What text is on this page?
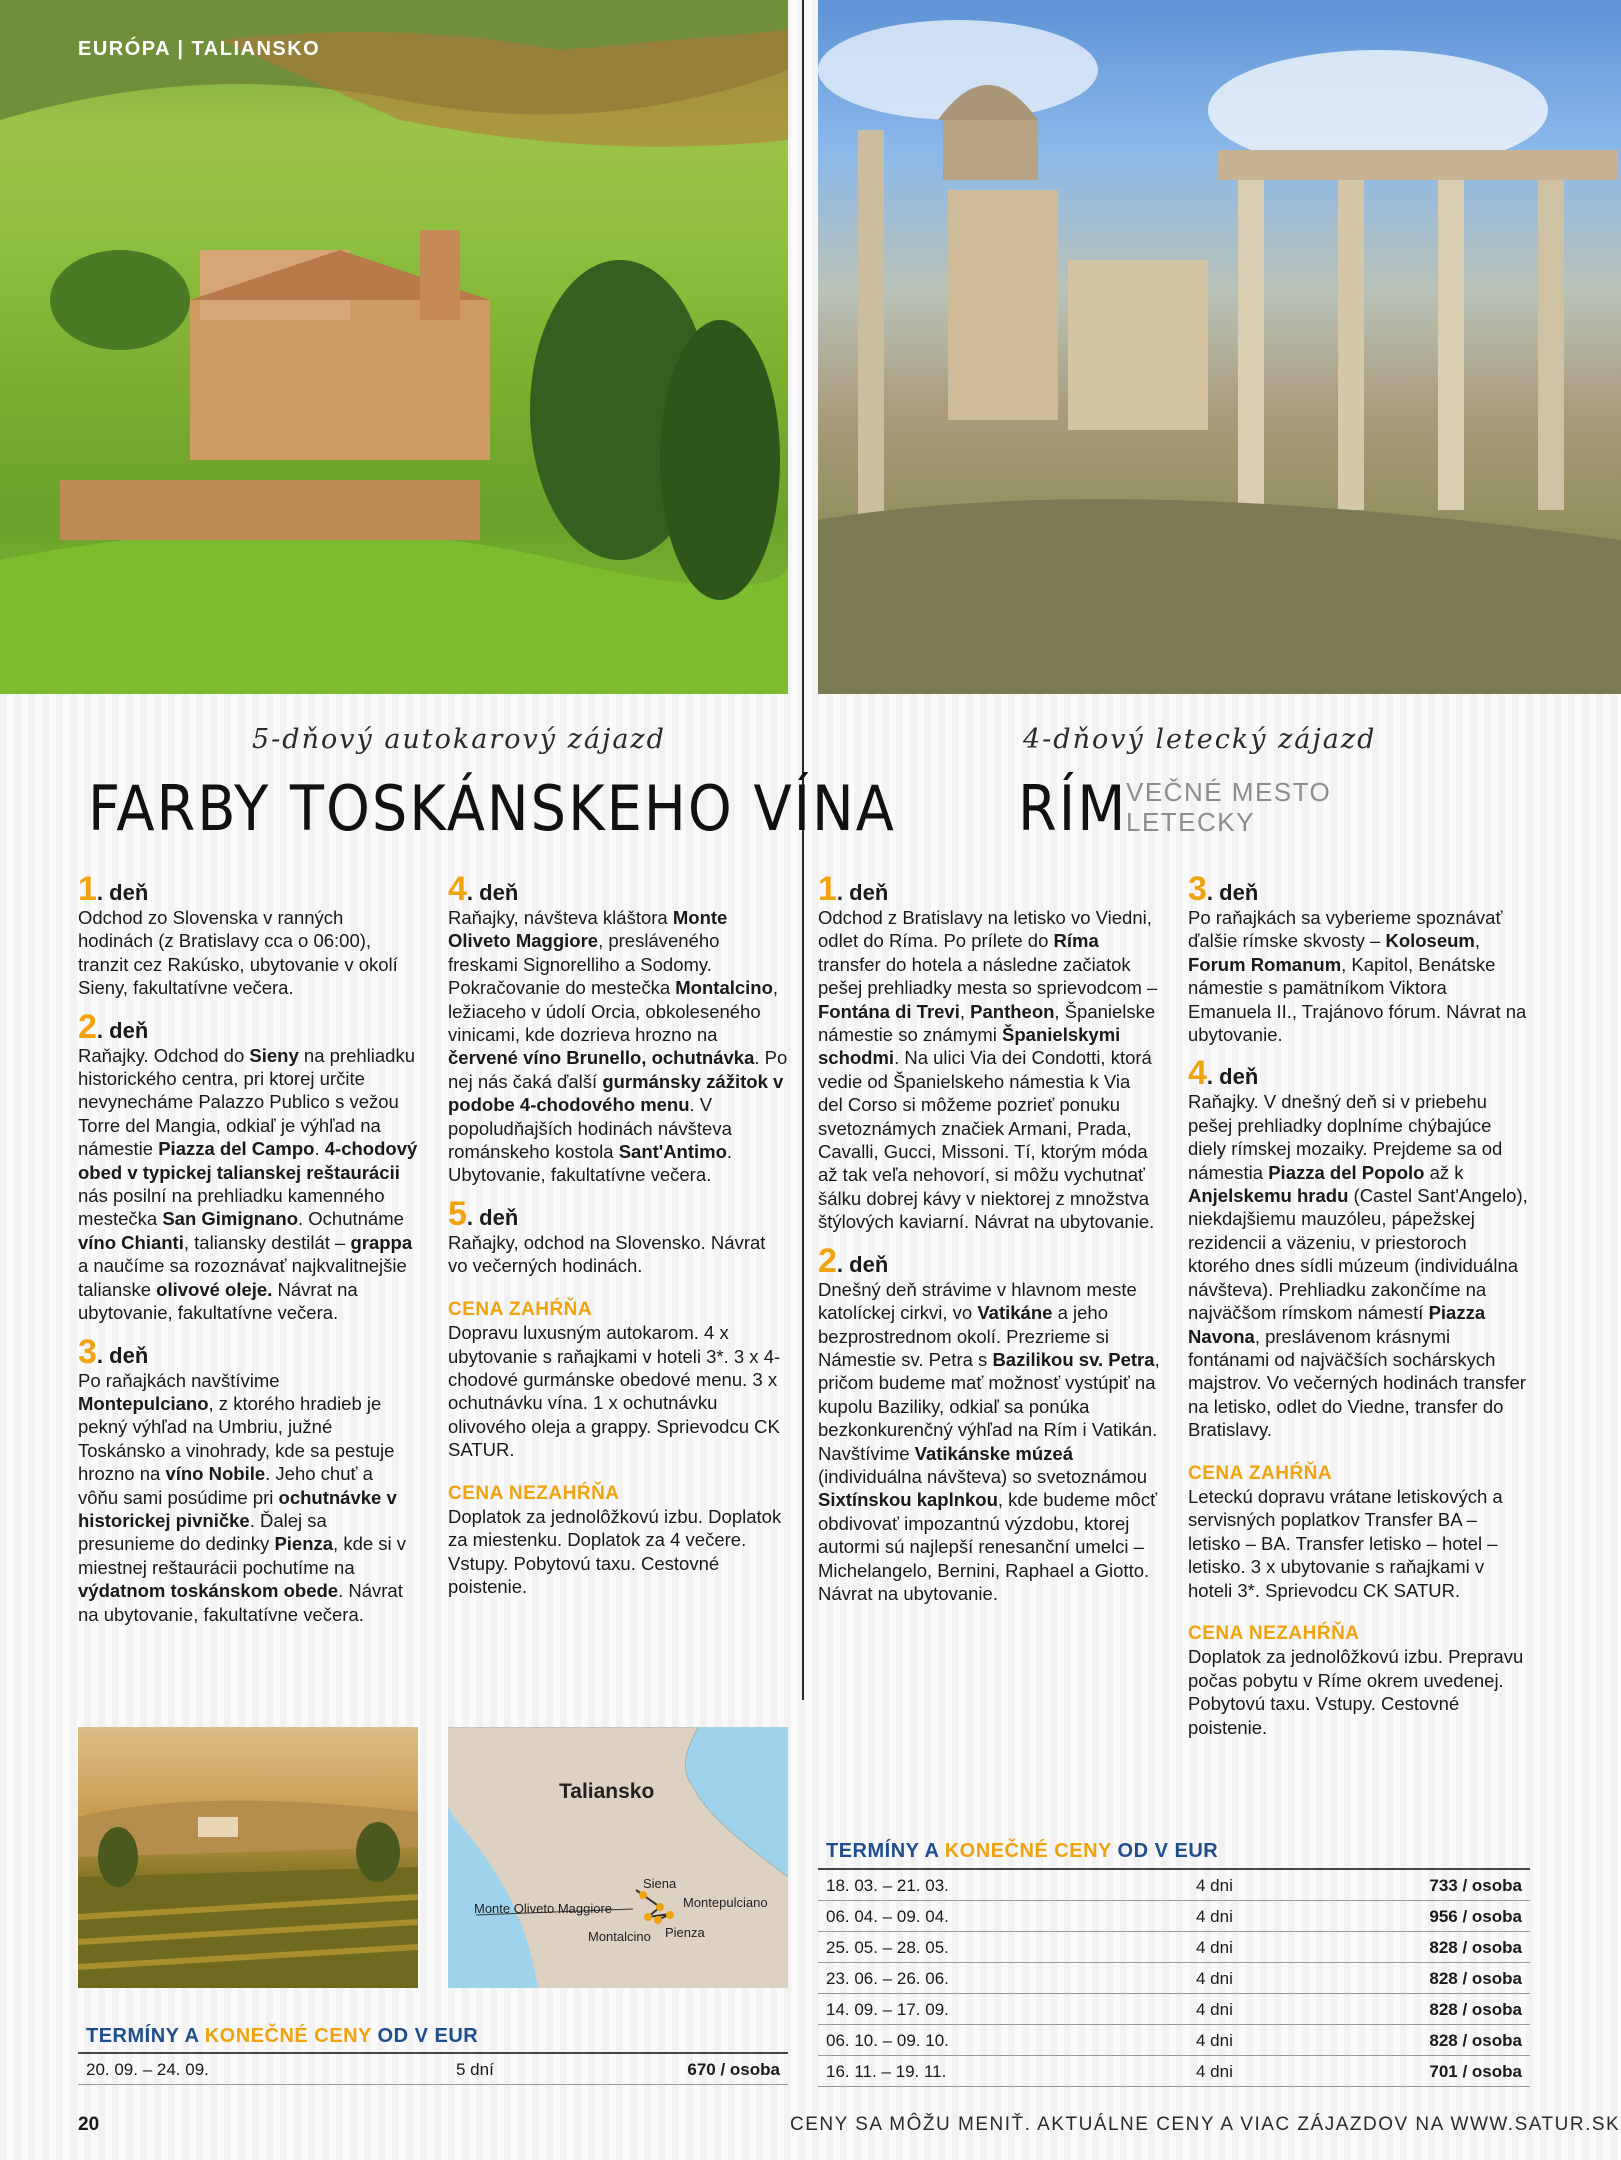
EURÓPA | TALIANSKO
5-dňový autokarový zájazd
FARBY TOSKÁNSKEHO VÍNA
1. deň

Odchod zo Slovenska v ranných hodinách (z Bratislavy cca o 06:00), tranzit cez Rakúsko, ubytovanie v okolí Sieny, fakultatívne večera.

2. deň

Raňajky. Odchod do Sieny na prehliadku historického centra, pri ktorej určite nevynecháme Palazzo Publico s vežou Torre del Mangia, odkiaľ je výhľad na námestie Piazza del Campo. 4-chodový obed v typickej talianskej reštaurácii nás posilní na prehliadku kamenného mestečka San Gimignano. Ochutnáme víno Chianti, taliansky destilát – grappa a naučíme sa rozoznávať najkvalitnejšie talianske olivové oleje. Návrat na ubytovanie, fakultatívne večera.

3. deň

Po raňajkách navštívime Montepulciano, z ktorého hradieb je pekný výhľad na Umbriu, južné Toskánsko a vinohrady, kde sa pestuje hrozno na víno Nobile. Jeho chuť a vôňu sami posúdime pri ochutnávke v historickej pivničke. Ďalej sa presunieme do dedinky Pienza, kde si v miestnej reštaurácii pochutíme na výdatnom toskánskom obede. Návrat na ubytovanie, fakultatívne večera.

4. deň

Raňajky, návšteva kláštora Monte Oliveto Maggiore, presláveného freskami Signorelliho a Sodomy. Pokračovanie do mestečka Montalcino, ležiaceho v údolí Orcia, obkoleseného vinicami, kde dozrieva hrozno na červené víno Brunello, ochutnávka. Po nej nás čaká ďalší gurmánsky zážitok v podobe 4-chodového menu. V popoludňajších hodinách návšteva románskeho kostola Sant'Antimo. Ubytovanie, fakultatívne večera.

5. deň

Raňajky, odchod na Slovensko. Návrat vo večerných hodinách.

CENA ZAHŔŇA

Dopravu luxusným autokarom. 4 x ubytovanie s raňajkami v hoteli 3*. 3 x 4-chodové gurmánske obedové menu. 3 x ochutnávku vína. 1 x ochutnávku olivového oleja a grappy. Sprievodcu CK SATUR.

CENA NEZAHŔŇA

Doplatok za jednolôžkovú izbu. Doplatok za miestenku. Doplatok za 4 večere. Vstupy. Pobytovú taxu. Cestovné poistenie.

Taliansko
Siena
Montepulciano
Monte Oliveto Maggiore
Montalcino Pienza
TERMÍNY A KONEČNÉ CENY OD V EUR
20. 09. – 24. 09.	5 dní	670 / osoba
4-dňový letecký zájazd
RÍM
VEČNÉ MESTO
LETECKY
1. deň

Odchod z Bratislavy na letisko vo Viedni, odlet do Ríma. Po prílete do Ríma transfer do hotela a následne začiatok pešej prehliadky mesta so sprievodcom – Fontána di Trevi, Pantheon, Španielske námestie so známymi Španielskymi schodmi. Na ulici Via dei Condotti, ktorá vedie od Španielskeho námestia k Via del Corso si môžeme pozrieť ponuku svetoznámych značiek Armani, Prada, Cavalli, Gucci, Missoni. Tí, ktorým móda až tak veľa nehovorí, si môžu vychutnať šálku dobrej kávy v niektorej z množstva štýlových kaviarní. Návrat na ubytovanie.

2. deň

Dnešný deň strávime v hlavnom meste katolíckej cirkvi, vo Vatikáne a jeho bezprostrednom okolí. Prezrieme si Námestie sv. Petra s Bazilikou sv. Petra, pričom budeme mať možnosť vystúpiť na kupolu Baziliky, odkiaľ sa ponúka bezkonkurenčný výhľad na Rím i Vatikán. Navštívime Vatikánske múzeá (individuálna návšteva) so svetoznámou Sixtínskou kaplnkou, kde budeme môcť obdivovať impozantnú výzdobu, ktorej autormi sú najlepší renesanční umelci – Michelangelo, Bernini, Raphael a Giotto. Návrat na ubytovanie.

3. deň

Po raňajkách sa vyberieme spoznávať ďalšie rímske skvosty – Koloseum, Forum Romanum, Kapitol, Benátske námestie s pamätníkom Viktora Emanuela II., Trajánovo fórum. Návrat na ubytovanie.

4. deň

Raňajky. V dnešný deň si v priebehu pešej prehliadky doplníme chýbajúce diely rímskej mozaiky. Prejdeme sa od námestia Piazza del Popolo až k Anjelskemu hradu (Castel Sant'Angelo), niekdajšiemu mauzóleu, pápežskej rezidencii a väzeniu, v priestoroch ktorého dnes sídli múzeum (individuálna návšteva). Prehliadku zakončíme na najväčšom rímskom námestí Piazza Navona, preslávenom krásnymi fontánami od najväčších sochárskych majstrov. Vo večerných hodinách transfer na letisko, odlet do Viedne, transfer do Bratislavy.

CENA ZAHŔŇA

Leteckú dopravu vrátane letiskových a servisných poplatkov Transfer BA – letisko – BA. Transfer letisko – hotel – letisko. 3 x ubytovanie s raňajkami v hoteli 3*. Sprievodcu CK SATUR.

CENA NEZAHŔŇA

Doplatok za jednolôžkovú izbu. Prepravu počas pobytu v Ríme okrem uvedenej. Pobytovú taxu. Vstupy. Cestovné poistenie.

TERMÍNY A KONEČNÉ CENY OD V EUR
18. 03. – 21. 03.	4 dni	733 / osoba
06. 04. – 09. 04.	4 dni	956 / osoba
25. 05. – 28. 05.	4 dni	828 / osoba
23. 06. – 26. 06.	4 dni	828 / osoba
14. 09. – 17. 09.	4 dni	828 / osoba
06. 10. – 09. 10.	4 dni	828 / osoba
16. 11. – 19. 11.	4 dni	701 / osoba
20	CENY SA MÔŽU MENIŤ. AKTUÁLNE CENY A VIAC ZÁJAZDOV NA WWW.SATUR.SK
